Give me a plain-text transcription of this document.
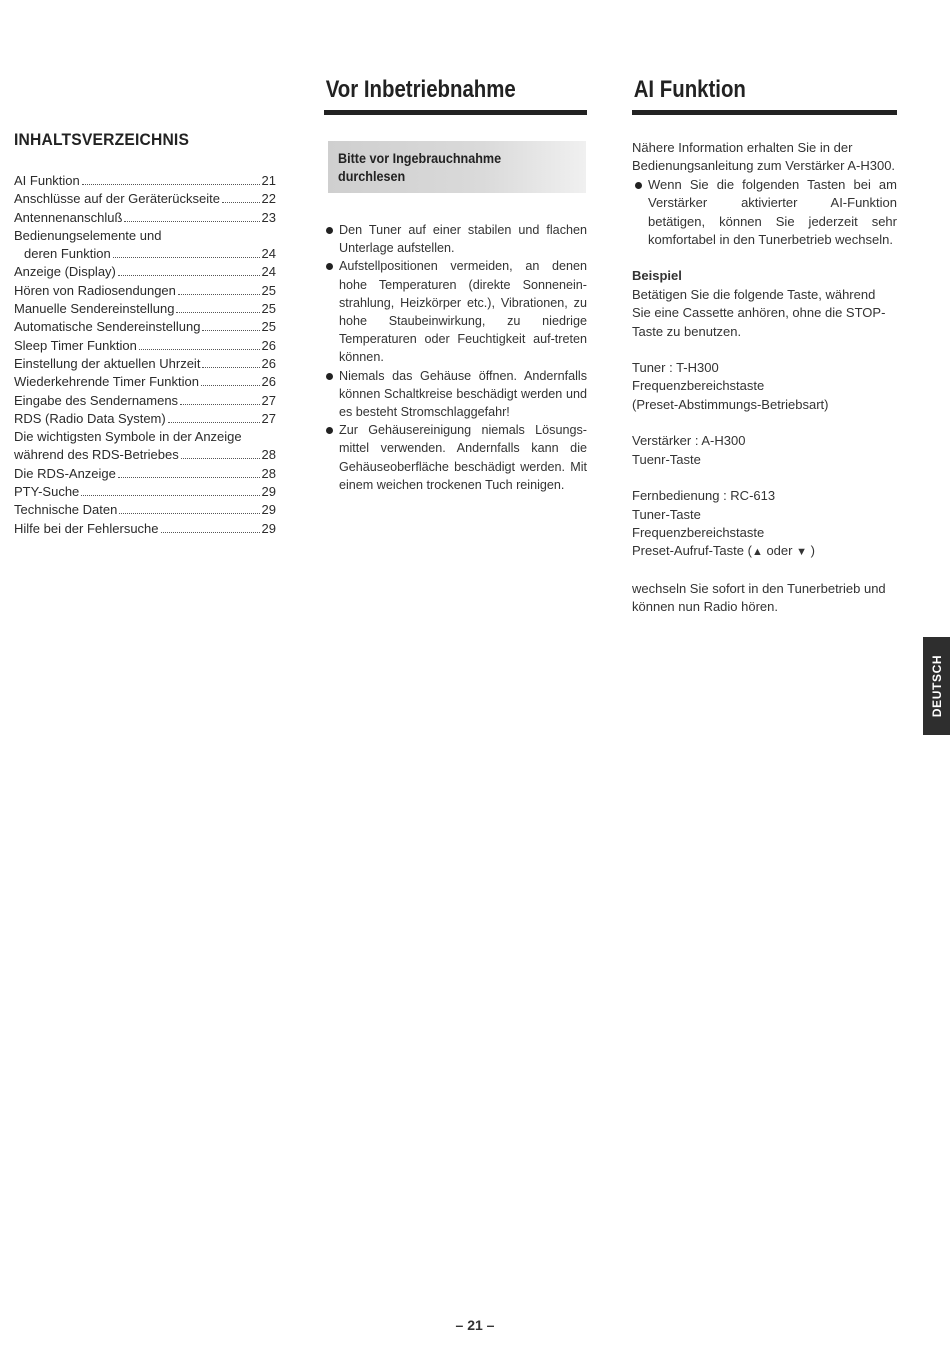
INHALTSVERZEICHNIS
AI Funktion	21
Anschlüsse auf der Geräterückseite	22
Antennenanschluß	23
Bedienungselemente und
deren Funktion	24
Anzeige (Display)	24
Hören von Radiosendungen	25
Manuelle Sendereinstellung	25
Automatische Sendereinstellung	25
Sleep Timer Funktion	26
Einstellung der aktuellen Uhrzeit	26
Wiederkehrende Timer Funktion	26
Eingabe des Sendernamens	27
RDS (Radio Data System)	27
Die wichtigsten Symbole in der Anzeige
während des RDS-Betriebes	28
Die RDS-Anzeige	28
PTY-Suche	29
Technische Daten	29
Hilfe bei der Fehlersuche	29
Vor Inbetriebnahme
Bitte vor Ingebrauchnahme durchlesen

Den Tuner auf einer stabilen und flachen Unterlage aufstellen.

Aufstellpositionen vermeiden, an denen hohe Temperaturen (direkte Sonnenein-strahlung, Heizkörper etc.), Vibrationen, zu hohe Staubeinwirkung, zu niedrige Temperaturen oder Feuchtigkeit auf-treten können.

Niemals das Gehäuse öffnen. Andernfalls können Schaltkreise beschädigt werden und es besteht Stromschlaggefahr!

Zur Gehäusereinigung niemals Lösungs-mittel verwenden. Andernfalls kann die Gehäuseoberfläche beschädigt werden. Mit einem weichen trockenen Tuch reinigen.

AI Funktion

Nähere Information erhalten Sie in der Bedienungsanleitung zum Verstärker A-H300.

Wenn Sie die folgenden Tasten bei am Verstärker aktivierter AI-Funktion betätigen, können Sie jederzeit sehr komfortabel in den Tunerbetrieb wechseln.

Beispiel

Betätigen Sie die folgende Taste, während Sie eine Cassette anhören, ohne die STOP-Taste zu benutzen.

Tuner : T-H300

Frequenzbereichstaste

(Preset-Abstimmungs-Betriebsart)

Verstärker : A-H300

Tuenr-Taste

Fernbedienung : RC-613

Tuner-Taste

Frequenzbereichstaste

Preset-Aufruf-Taste (▲ oder ▼ )

wechseln Sie sofort in den Tunerbetrieb und können nun Radio hören.

DEUTSCH
– 21 –
